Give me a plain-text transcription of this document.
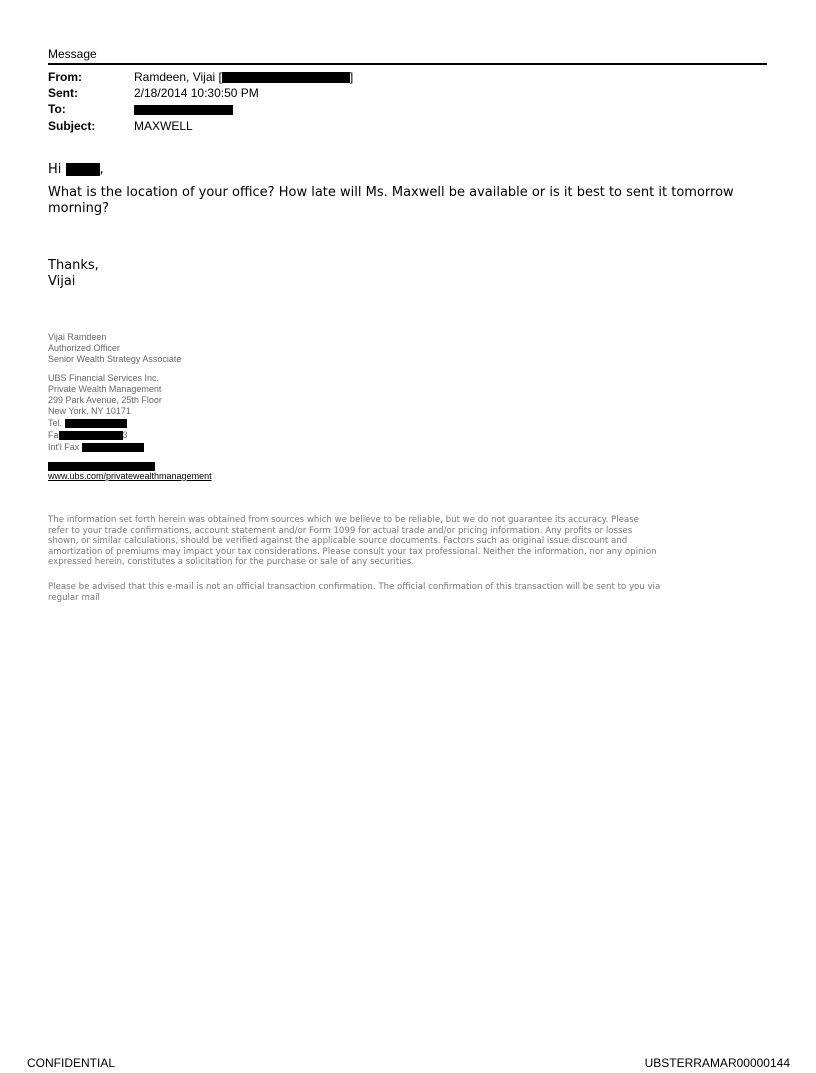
Message
From:	Ramdeen, Vijai [	]
Sent:	2/18/2014 10:30:50 PM
To:
Subject:	MAXWELL
Hi	,
What is the location of your office? How late will Ms. Maxwell be available or is it best to sent it tomorrow
morning?
Thanks,
Vijai
Vijai Ramdeen
Authorized Officer
Senior Wealth Strategy Associate
UBS Financial Services Inc.
Private Wealth Management
299 Park Avenue, 25th Floor
New York, NY 10171
Tel.
Fa	3
Int'l Fax
www.ubs.com/privatewealthmanagement
The information set forth herein was obtained from sources which we believe to be reliable, but we do not guarantee its accuracy. Please
refer to your trade confirmations, account statement and/or Form 1099 for actual trade and/or pricing information. Any profits or losses
shown, or similar calculations, should be verified against the applicable source documents. Factors such as original issue discount and
amortization of premiums may impact your tax considerations. Please consult your tax professional. Neither the information, nor any opinion
expressed herein, constitutes a solicitation for the purchase or sale of any securities.
Please be advised that this e-mail is not an official transaction confirmation. The official confirmation of this transaction will be sent to you via
regular mail
CONFIDENTIAL	UBSTERRAMAR00000144
